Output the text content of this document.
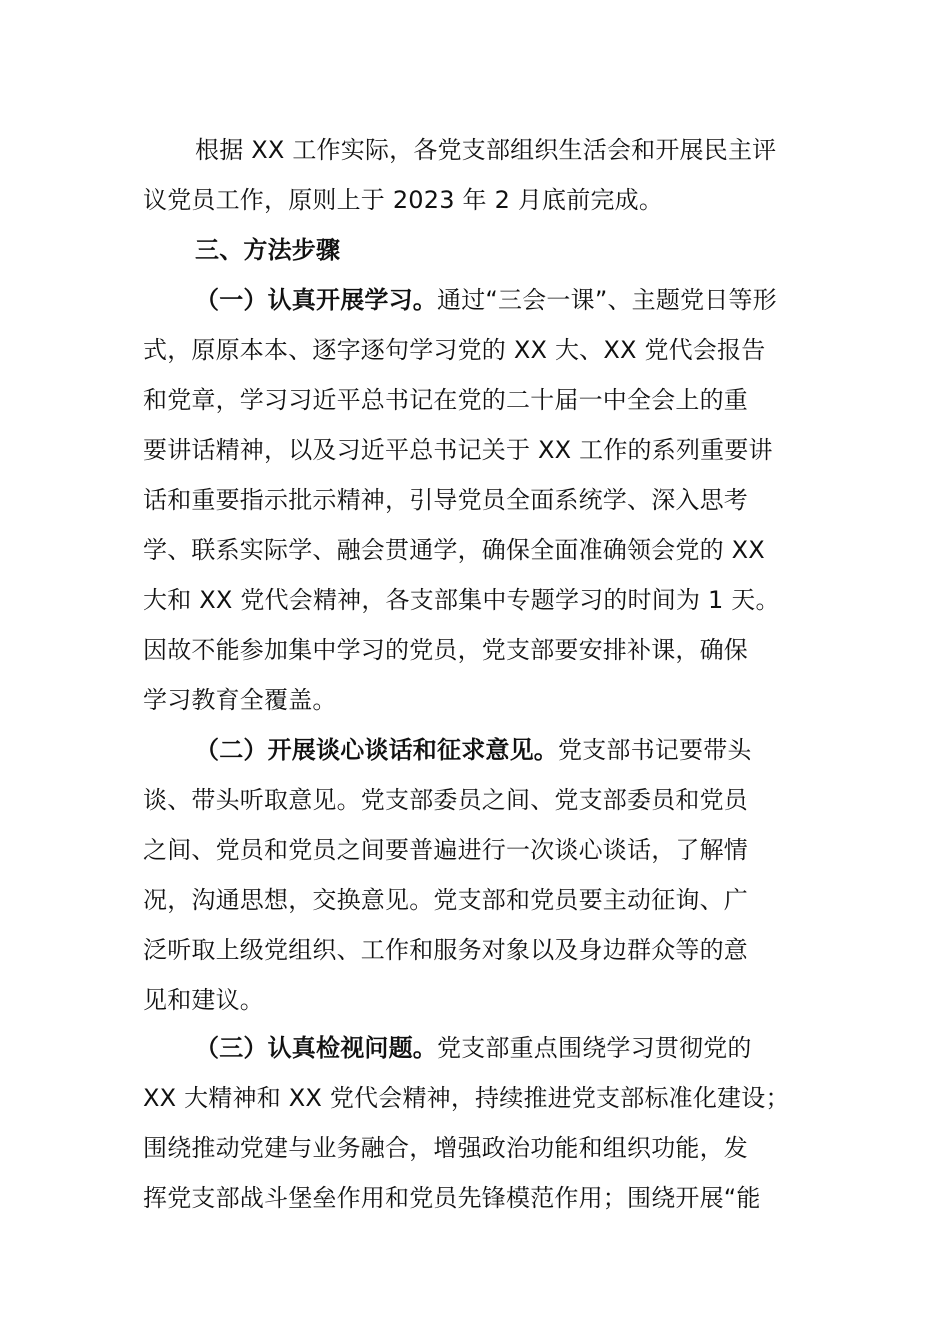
根据 XX 工作实际，各党支部组织生活会和开展民主评
议党员工作，原则上于 2023 年 2 月底前完成。
三、方法步骤
（一）认真开展学习。通过“三会一课”、主题党日等形
式，原原本本、逐字逐句学习党的 XX 大、XX 党代会报告
和党章，学习习近平总书记在党的二十届一中全会上的重
要讲话精神，以及习近平总书记关于 XX 工作的系列重要讲
话和重要指示批示精神，引导党员全面系统学、深入思考
学、联系实际学、融会贯通学，确保全面准确领会党的 XX
大和 XX 党代会精神，各支部集中专题学习的时间为 1 天。
因故不能参加集中学习的党员，党支部要安排补课，确保
学习教育全覆盖。
（二）开展谈心谈话和征求意见。党支部书记要带头
谈、带头听取意见。党支部委员之间、党支部委员和党员
之间、党员和党员之间要普遍进行一次谈心谈话，了解情
况，沟通思想，交换意见。党支部和党员要主动征询、广
泛听取上级党组织、工作和服务对象以及身边群众等的意
见和建议。
（三）认真检视问题。党支部重点围绕学习贯彻党的
XX 大精神和 XX 党代会精神，持续推进党支部标准化建设；
围绕推动党建与业务融合，增强政治功能和组织功能，发
挥党支部战斗堡垒作用和党员先锋模范作用；围绕开展“能
